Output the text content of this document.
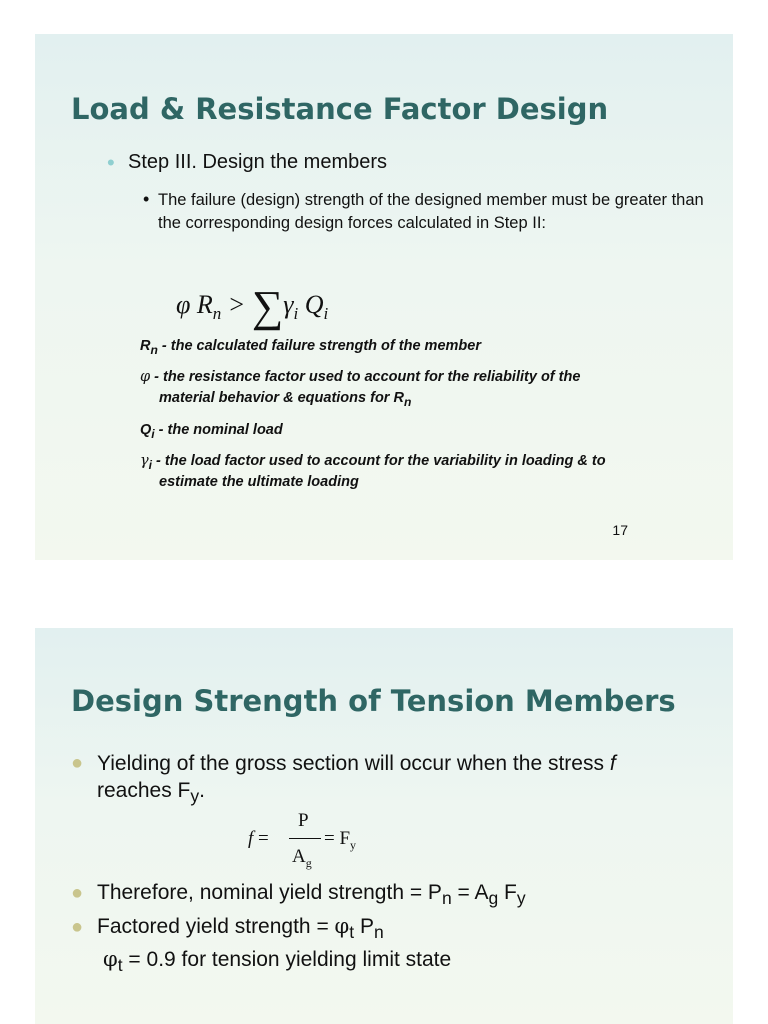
Load & Resistance Factor Design
• Step III. Design the members
• The failure (design) strength of the designed member must be greater than the corresponding design forces calculated in Step II:
φ $R_n > \sum\gamma_i$ $Q_i$
$R_n$ - the calculated failure strength of the member
φ - the resistance factor used to account for the reliability of the
material behavior & equations for $R_n$
$Q_i$ - the nominal load
$\gamma_i$ - the load factor used to account for the variability in loading & to
estimate the ultimate loading
17
Design Strength of Tension Members
● Yielding of the gross section will occur when the stress f
reaches $F_y$.
f =
P
$A_g$
= $F_y$
● Therefore, nominal yield strength = $P_n = A_g$ $F_y$
● Factored yield strength = $\varphi_t$ $P_n$
$\varphi_t = 0.9$ for tension yielding limit state
